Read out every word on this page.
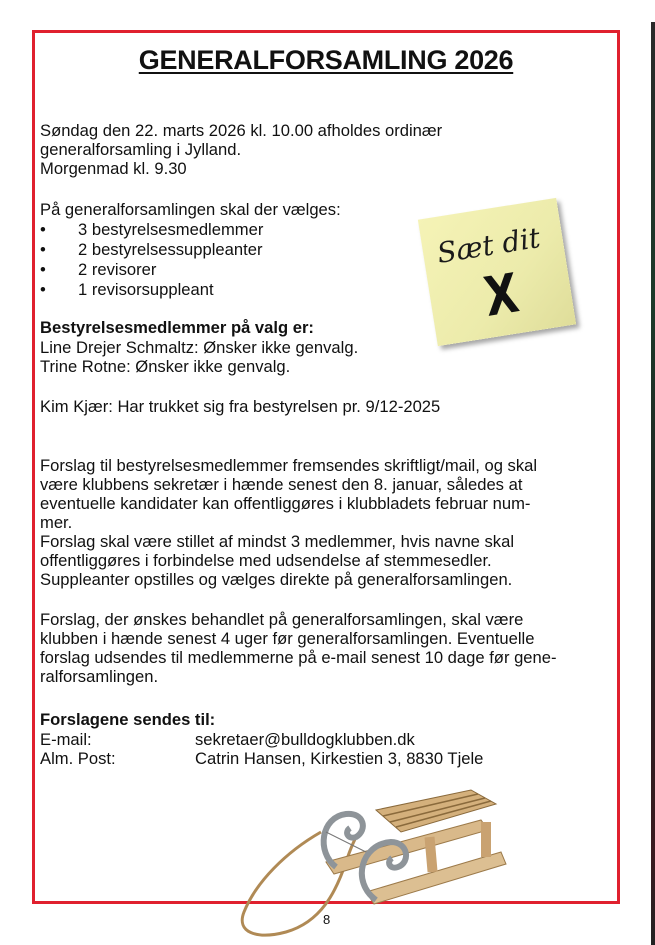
GENERALFORSAMLING 2026
Søndag den 22. marts 2026 kl. 10.00 afholdes ordinær
generalforsamling i Jylland.
Morgenmad kl. 9.30
På generalforsamlingen skal der vælges:
• 3 bestyrelsesmedlemmer
• 2 bestyrelsessuppleanter
• 2 revisorer
• 1 revisorsuppleant
Sæt dit
X
Bestyrelsesmedlemmer på valg er:
Line Drejer Schmaltz: Ønsker ikke genvalg.
Trine Rotne: Ønsker ikke genvalg.
Kim Kjær: Har trukket sig fra bestyrelsen pr. 9/12-2025
Forslag til bestyrelsesmedlemmer fremsendes skriftligt/mail, og skal
være klubbens sekretær i hænde senest den 8. januar, således at
eventuelle kandidater kan offentliggøres i klubbladets februar num-
mer.
Forslag skal være stillet af mindst 3 medlemmer, hvis navne skal
offentliggøres i forbindelse med udsendelse af stemmesedler.
Suppleanter opstilles og vælges direkte på generalforsamlingen.
Forslag, der ønskes behandlet på generalforsamlingen, skal være
klubben i hænde senest 4 uger før generalforsamlingen. Eventuelle
forslag udsendes til medlemmerne på e-mail senest 10 dage før gene-
ralforsamlingen.
Forslagene sendes til:
E-mail:	sekretaer@bulldogklubben.dk
Alm. Post:	Catrin Hansen, Kirkestien 3, 8830 Tjele
8
